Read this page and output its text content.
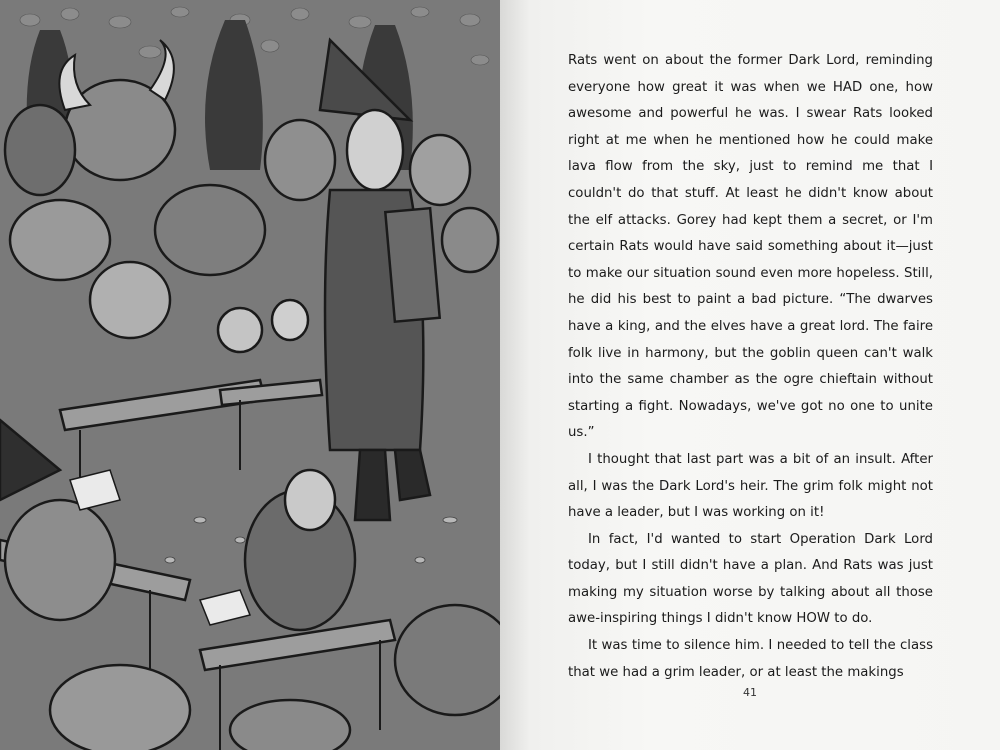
Rats went on about the former Dark Lord, reminding everyone how great it was when we HAD one, how awesome and powerful he was. I swear Rats looked right at me when he mentioned how he could make lava flow from the sky, just to remind me that I couldn't do that stuff. At least he didn't know about the elf attacks. Gorey had kept them a secret, or I'm certain Rats would have said something about it—just to make our situation sound even more hopeless. Still, he did his best to paint a bad picture. “The dwarves have a king, and the elves have a great lord. The faire folk live in harmony, but the goblin queen can't walk into the same chamber as the ogre chieftain without starting a fight. Nowadays, we've got no one to unite us.”

I thought that last part was a bit of an insult. After all, I was the Dark Lord's heir. The grim folk might not have a leader, but I was working on it!

In fact, I'd wanted to start Operation Dark Lord today, but I still didn't have a plan. And Rats was just making my situation worse by talking about all those awe-inspiring things I didn't know HOW to do.

It was time to silence him. I needed to tell the class that we had a grim leader, or at least the makings

41
